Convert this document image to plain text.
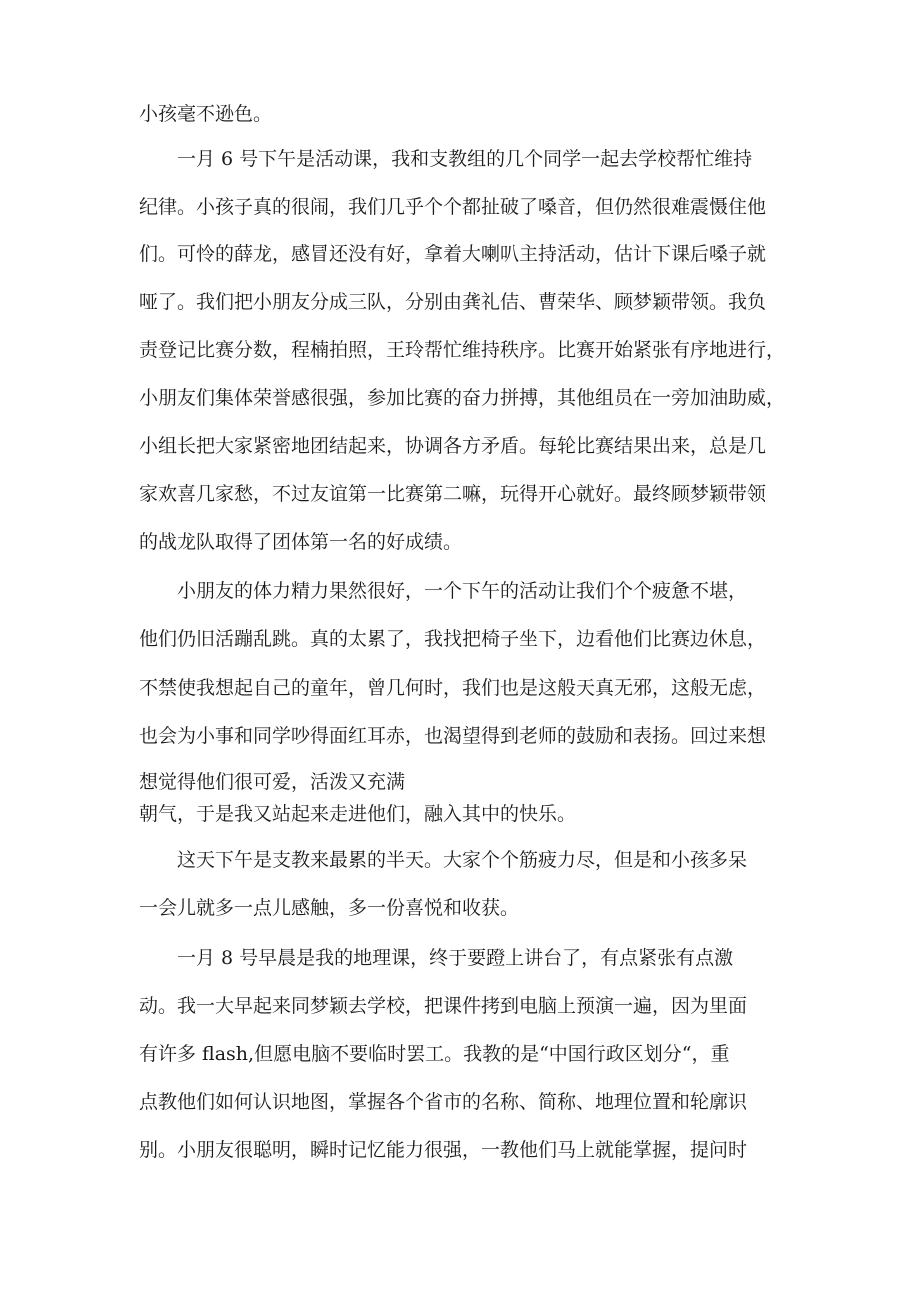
小孩毫不逊色。
一月 6 号下午是活动课，我和支教组的几个同学一起去学校帮忙维持
纪律。小孩子真的很闹，我们几乎个个都扯破了嗓音，但仍然很难震慑住他
们。可怜的薛龙，感冒还没有好，拿着大喇叭主持活动，估计下课后嗓子就
哑了。我们把小朋友分成三队，分别由龚礼佶、曹荣华、顾梦颖带领。我负
责登记比赛分数，程楠拍照，王玲帮忙维持秩序。比赛开始紧张有序地进行，
小朋友们集体荣誉感很强，参加比赛的奋力拼搏，其他组员在一旁加油助威，
小组长把大家紧密地团结起来，协调各方矛盾。每轮比赛结果出来，总是几
家欢喜几家愁，不过友谊第一比赛第二嘛，玩得开心就好。最终顾梦颖带领
的战龙队取得了团体第一名的好成绩。
小朋友的体力精力果然很好，一个下午的活动让我们个个疲惫不堪，
他们仍旧活蹦乱跳。真的太累了，我找把椅子坐下，边看他们比赛边休息，
不禁使我想起自己的童年，曾几何时，我们也是这般天真无邪，这般无虑，
也会为小事和同学吵得面红耳赤，也渴望得到老师的鼓励和表扬。回过来想
想觉得他们很可爱，活泼又充满
朝气，于是我又站起来走进他们，融入其中的快乐。
这天下午是支教来最累的半天。大家个个筋疲力尽，但是和小孩多呆
一会儿就多一点儿感触，多一份喜悦和收获。
一月 8 号早晨是我的地理课，终于要蹬上讲台了，有点紧张有点激
动。我一大早起来同梦颖去学校，把课件拷到电脑上预演一遍，因为里面
有许多 flash,但愿电脑不要临时罢工。我教的是“中国行政区划分“，重
点教他们如何认识地图，掌握各个省市的名称、简称、地理位置和轮廓识
别。小朋友很聪明，瞬时记忆能力很强，一教他们马上就能掌握，提问时
